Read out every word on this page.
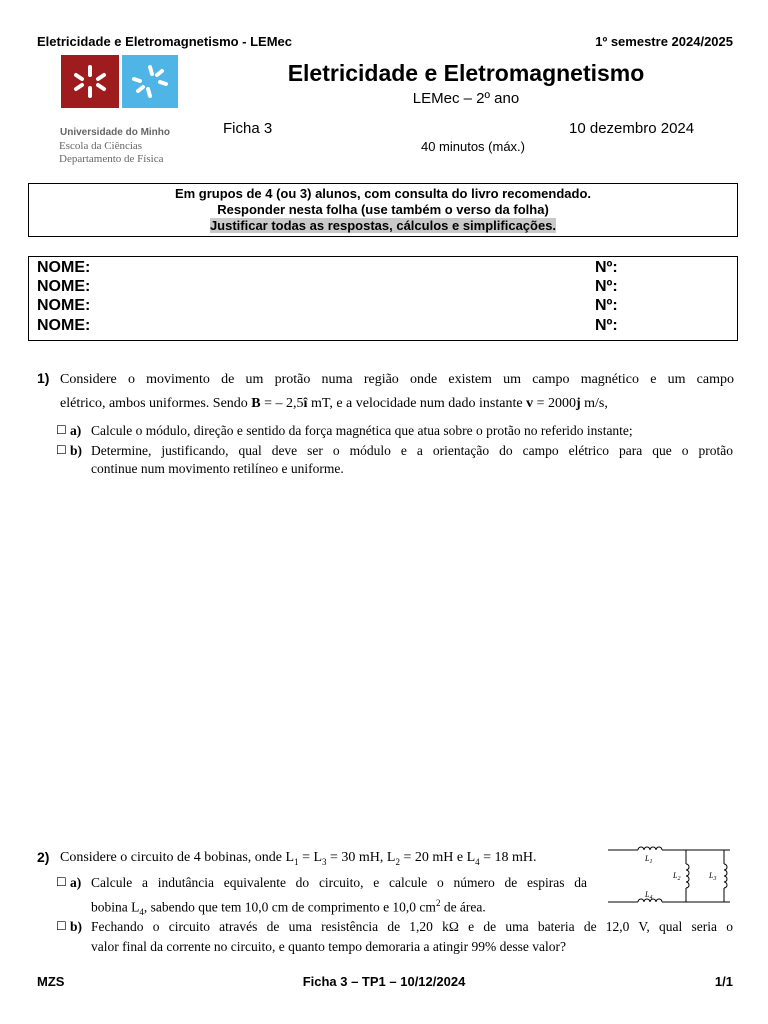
Eletricidade e Eletromagnetismo - LEMec	1º semestre 2024/2025
Universidade do Minho
Escola da Ciências
Departamento de Física
Eletricidade e Eletromagnetismo
LEMec – 2º ano
Ficha 3	10 dezembro 2024
40 minutos (máx.)
Em grupos de 4 (ou 3) alunos, com consulta do livro recomendado.
Responder nesta folha (use também o verso da folha)
Justificar todas as respostas, cálculos e simplificações.
NOME:	Nº:
NOME:	Nº:
NOME:	Nº:
NOME:	Nº:
1) Considere o movimento de um protão numa região onde existem um campo magnético e um campo
elétrico, ambos uniformes. Sendo B = – 2,5î mT, e a velocidade num dado instante v = 2000j m/s,
☐ a) Calcule o módulo, direção e sentido da força magnética que atua sobre o protão no referido instante;
☐ b) Determine, justificando, qual deve ser o módulo e a orientação do campo elétrico para que o protão
continue num movimento retilíneo e uniforme.
2) Considere o circuito de 4 bobinas, onde $L_1 = L_3 = 30$ mH, $L_2 = 20$ mH e $L_4 = 18$ mH.
☐ a) Calcule a indutância equivalente do circuito, e calcule o número de espiras da
bobina $L_4$, sabendo que tem 10,0 cm de comprimento e 10,0 $cm^2$ de área.
☐ b) Fechando o circuito através de uma resistência de 1,20 kΩ e de uma bateria de 12,0 V, qual seria o
valor final da corrente no circuito, e quanto tempo demoraria a atingir 99% desse valor?
$L_1$
$L_2$	$L_3$
$L_4$
MZS	Ficha 3 – TP1 – 10/12/2024	1/1
